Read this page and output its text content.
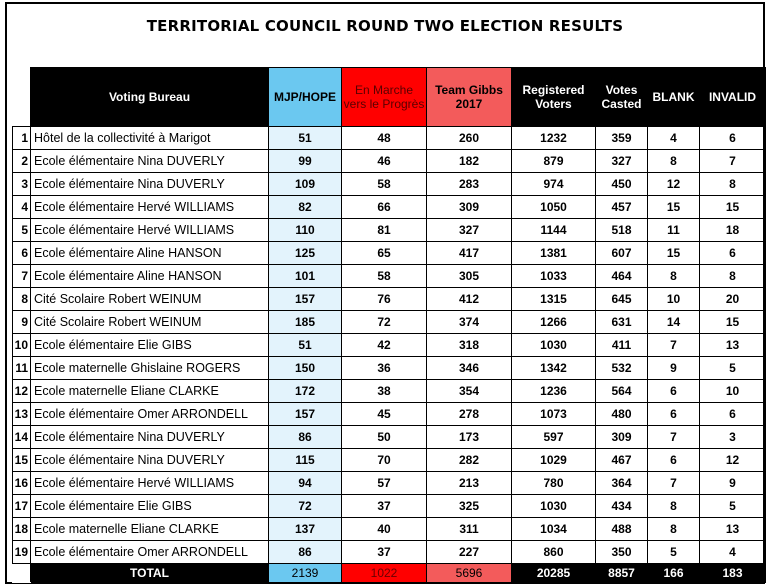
TERRITORIAL COUNCIL ROUND TWO ELECTION RESULTS
	Voting Bureau	MJP/HOPE	En Marche vers le Progrès	Team Gibbs 2017	Registered Voters	Votes Casted	BLANK	INVALID
1	Hôtel de la collectivité à Marigot	51	48	260	1232	359	4	6
2	Ecole élémentaire Nina DUVERLY	99	46	182	879	327	8	7
3	Ecole élémentaire Nina DUVERLY	109	58	283	974	450	12	8
4	Ecole élémentaire Hervé WILLIAMS	82	66	309	1050	457	15	15
5	Ecole élémentaire Hervé WILLIAMS	110	81	327	1144	518	11	18
6	Ecole élémentaire Aline HANSON	125	65	417	1381	607	15	6
7	Ecole élémentaire Aline HANSON	101	58	305	1033	464	8	8
8	Cité Scolaire Robert WEINUM	157	76	412	1315	645	10	20
9	Cité Scolaire Robert WEINUM	185	72	374	1266	631	14	15
10	Ecole élémentaire Elie GIBS	51	42	318	1030	411	7	13
11	Ecole maternelle Ghislaine ROGERS	150	36	346	1342	532	9	5
12	Ecole maternelle Eliane CLARKE	172	38	354	1236	564	6	10
13	Ecole élémentaire Omer ARRONDELL	157	45	278	1073	480	6	6
14	Ecole élémentaire Nina DUVERLY	86	50	173	597	309	7	3
15	Ecole élémentaire Nina DUVERLY	115	70	282	1029	467	6	12
16	Ecole élémentaire Hervé WILLIAMS	94	57	213	780	364	7	9
17	Ecole élémentaire Elie GIBS	72	37	325	1030	434	8	5
18	Ecole maternelle Eliane CLARKE	137	40	311	1034	488	8	13
19	Ecole élémentaire Omer ARRONDELL	86	37	227	860	350	5	4
	TOTAL	2139	1022	5696	20285	8857	166	183
